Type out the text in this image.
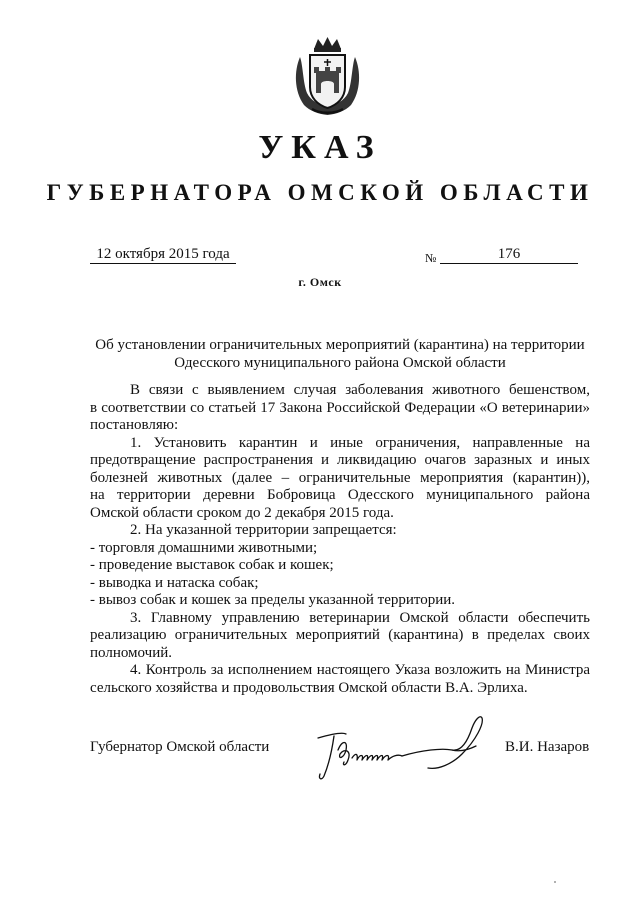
УКАЗ
ГУБЕРНАТОРА ОМСКОЙ ОБЛАСТИ
12 октября 2015 года	№	176
г. Омск
Об установлении ограничительных мероприятий (карантина) на территории
Одесского муниципального района Омской области

В связи с выявлением случая заболевания животного бешенством,

в соответствии со статьей 17 Закона Российской Федерации «О ветеринарии»

постановляю:

1. Установить карантин и иные ограничения, направленные на

предотвращение распространения и ликвидацию очагов заразных и иных

болезней животных (далее – ограничительные мероприятия (карантин)),

на территории деревни Бобровица Одесского муниципального района

Омской области сроком до 2 декабря 2015 года.

2. На указанной территории запрещается:

- торговля домашними животными;

- проведение выставок собак и кошек;

- выводка и натаска собак;

- вывоз собак и кошек за пределы указанной территории.

3. Главному управлению ветеринарии Омской области обеспечить

реализацию ограничительных мероприятий (карантина) в пределах своих

полномочий.

4. Контроль за исполнением настоящего Указа возложить на Министра

сельского хозяйства и продовольствия Омской области В.А. Эрлиха.

Губернатор Омской области	В.И. Назаров
